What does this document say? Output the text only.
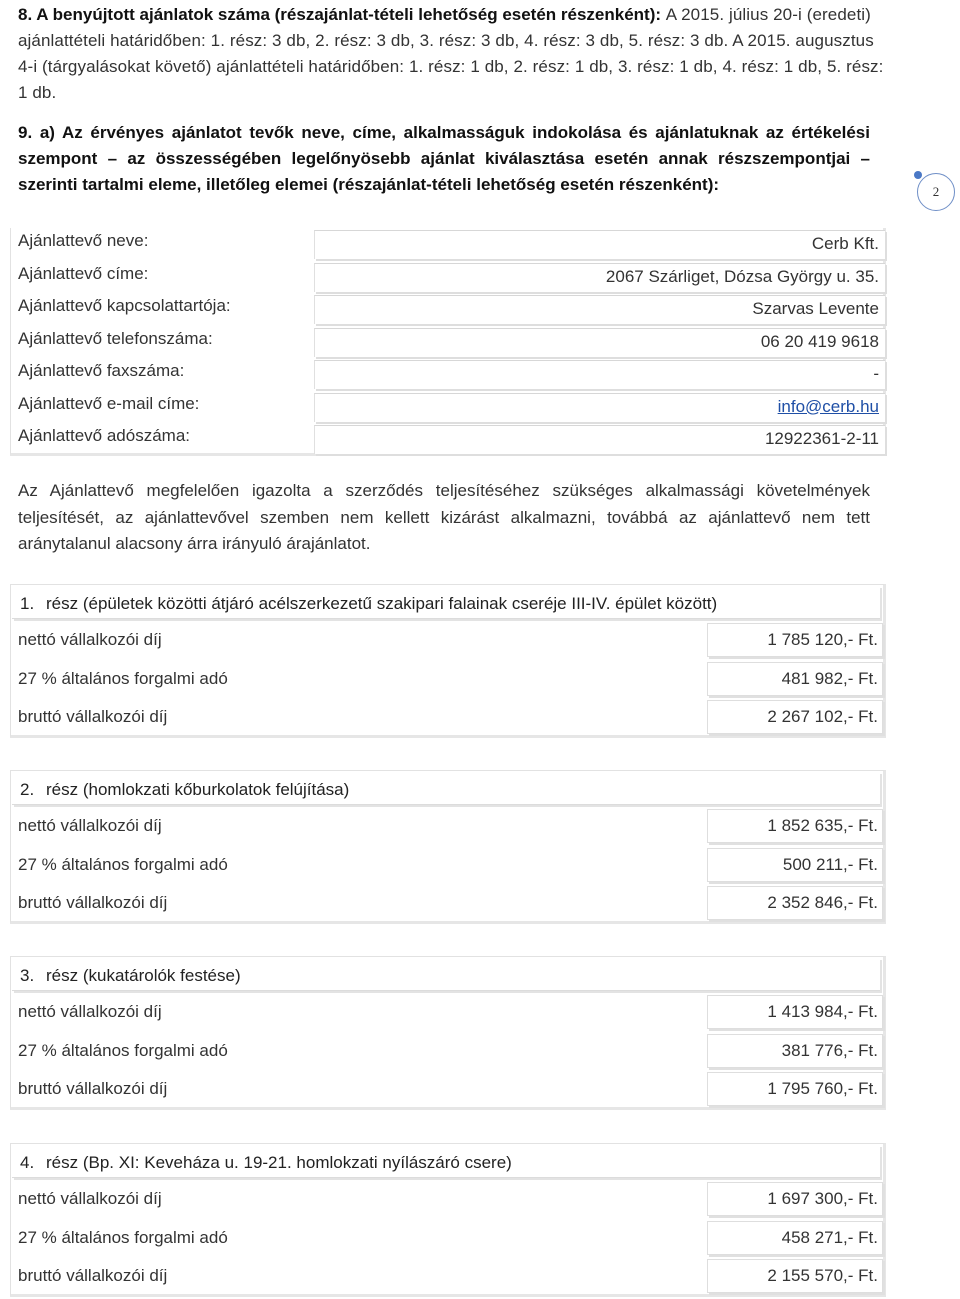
8. A benyújtott ajánlatok száma (részajánlat-tételi lehetőség esetén részenként): A 2015. július 20-i (eredeti) ajánlattételi határidőben: 1. rész: 3 db, 2. rész: 3 db, 3. rész: 3 db, 4. rész: 3 db, 5. rész: 3 db. A 2015. augusztus 4-i (tárgyalásokat követő) ajánlattételi határidőben: 1. rész: 1 db, 2. rész: 1 db, 3. rész: 1 db, 4. rész: 1 db, 5. rész: 1 db.
9. a) Az érvényes ajánlatot tevők neve, címe, alkalmasságuk indokolása és ajánlatuknak az értékelési szempont – az összességében legelőnyösebb ajánlat kiválasztása esetén annak részszempontjai – szerinti tartalmi eleme, illetőleg elemei (részajánlat-tételi lehetőség esetén részenként):	2
Ajánlattevő neve:	Cerb Kft.
Ajánlattevő címe:	2067 Szárliget, Dózsa György u. 35.
Ajánlattevő kapcsolattartója:	Szarvas Levente
Ajánlattevő telefonszáma:	06 20 419 9618
Ajánlattevő faxszáma:	-
Ajánlattevő e-mail címe:	info@cerb.hu
Ajánlattevő adószáma:	12922361-2-11
Az Ajánlattevő megfelelően igazolta a szerződés teljesítéséhez szükséges alkalmassági követelmények teljesítését, az ajánlattevővel szemben nem kellett kizárást alkalmazni, továbbá az ajánlattevő nem tett aránytalanul alacsony árra irányuló árajánlatot.
1. rész (épületek közötti átjáró acélszerkezetű szakipari falainak cseréje III-IV. épület között)
nettó vállalkozói díj	1 785 120,- Ft.
27 % általános forgalmi adó	481 982,- Ft.
bruttó vállalkozói díj	2 267 102,- Ft.
2. rész (homlokzati kőburkolatok felújítása)
nettó vállalkozói díj	1 852 635,- Ft.
27 % általános forgalmi adó	500 211,- Ft.
bruttó vállalkozói díj	2 352 846,- Ft.
3. rész (kukatárolók festése)
nettó vállalkozói díj	1 413 984,- Ft.
27 % általános forgalmi adó	381 776,- Ft.
bruttó vállalkozói díj	1 795 760,- Ft.
4. rész (Bp. XI: Keveháza u. 19-21. homlokzati nyílászáró csere)
nettó vállalkozói díj	1 697 300,- Ft.
27 % általános forgalmi adó	458 271,- Ft.
bruttó vállalkozói díj	2 155 570,- Ft.
